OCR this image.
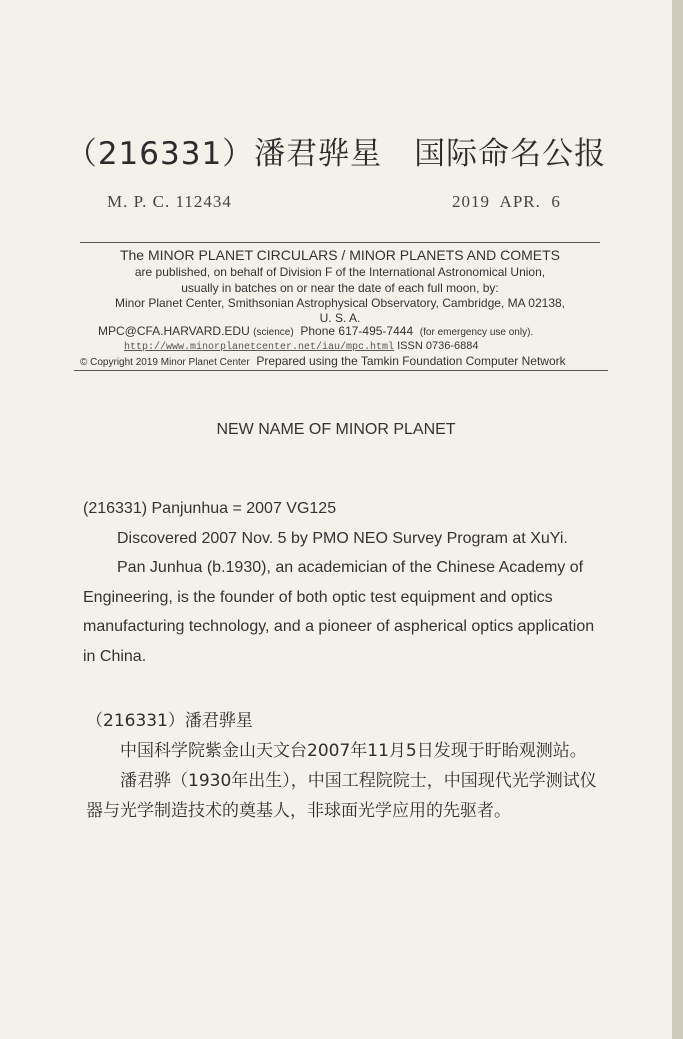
（216331）潘君骅星　国际命名公报
M. P. C. 112434	2019  APR.  6
The MINOR PLANET CIRCULARS / MINOR PLANETS AND COMETS
are published, on behalf of Division F of the International Astronomical Union,
usually in batches on or near the date of each full moon, by:
Minor Planet Center, Smithsonian Astrophysical Observatory, Cambridge, MA 02138,
U. S. A.
MPC@CFA.HARVARD.EDU (science) Phone 617-495-7444 (for emergency use only).
http://www.minorplanetcenter.net/iau/mpc.html ISSN 0736-6884
© Copyright 2019 Minor Planet Center Prepared using the Tamkin Foundation Computer Network
NEW NAME OF MINOR PLANET

(216331) Panjunhua = 2007 VG125

Discovered 2007 Nov. 5 by PMO NEO Survey Program at XuYi.

Pan Junhua (b.1930), an academician of the Chinese Academy of Engineering, is the founder of both optic test equipment and optics manufacturing technology, and a pioneer of aspherical optics application in China.

（216331）潘君骅星

中国科学院紫金山天文台2007年11月5日发现于盱眙观测站。

潘君骅（1930年出生），中国工程院院士，中国现代光学测试仪器与光学制造技术的奠基人，非球面光学应用的先驱者。
